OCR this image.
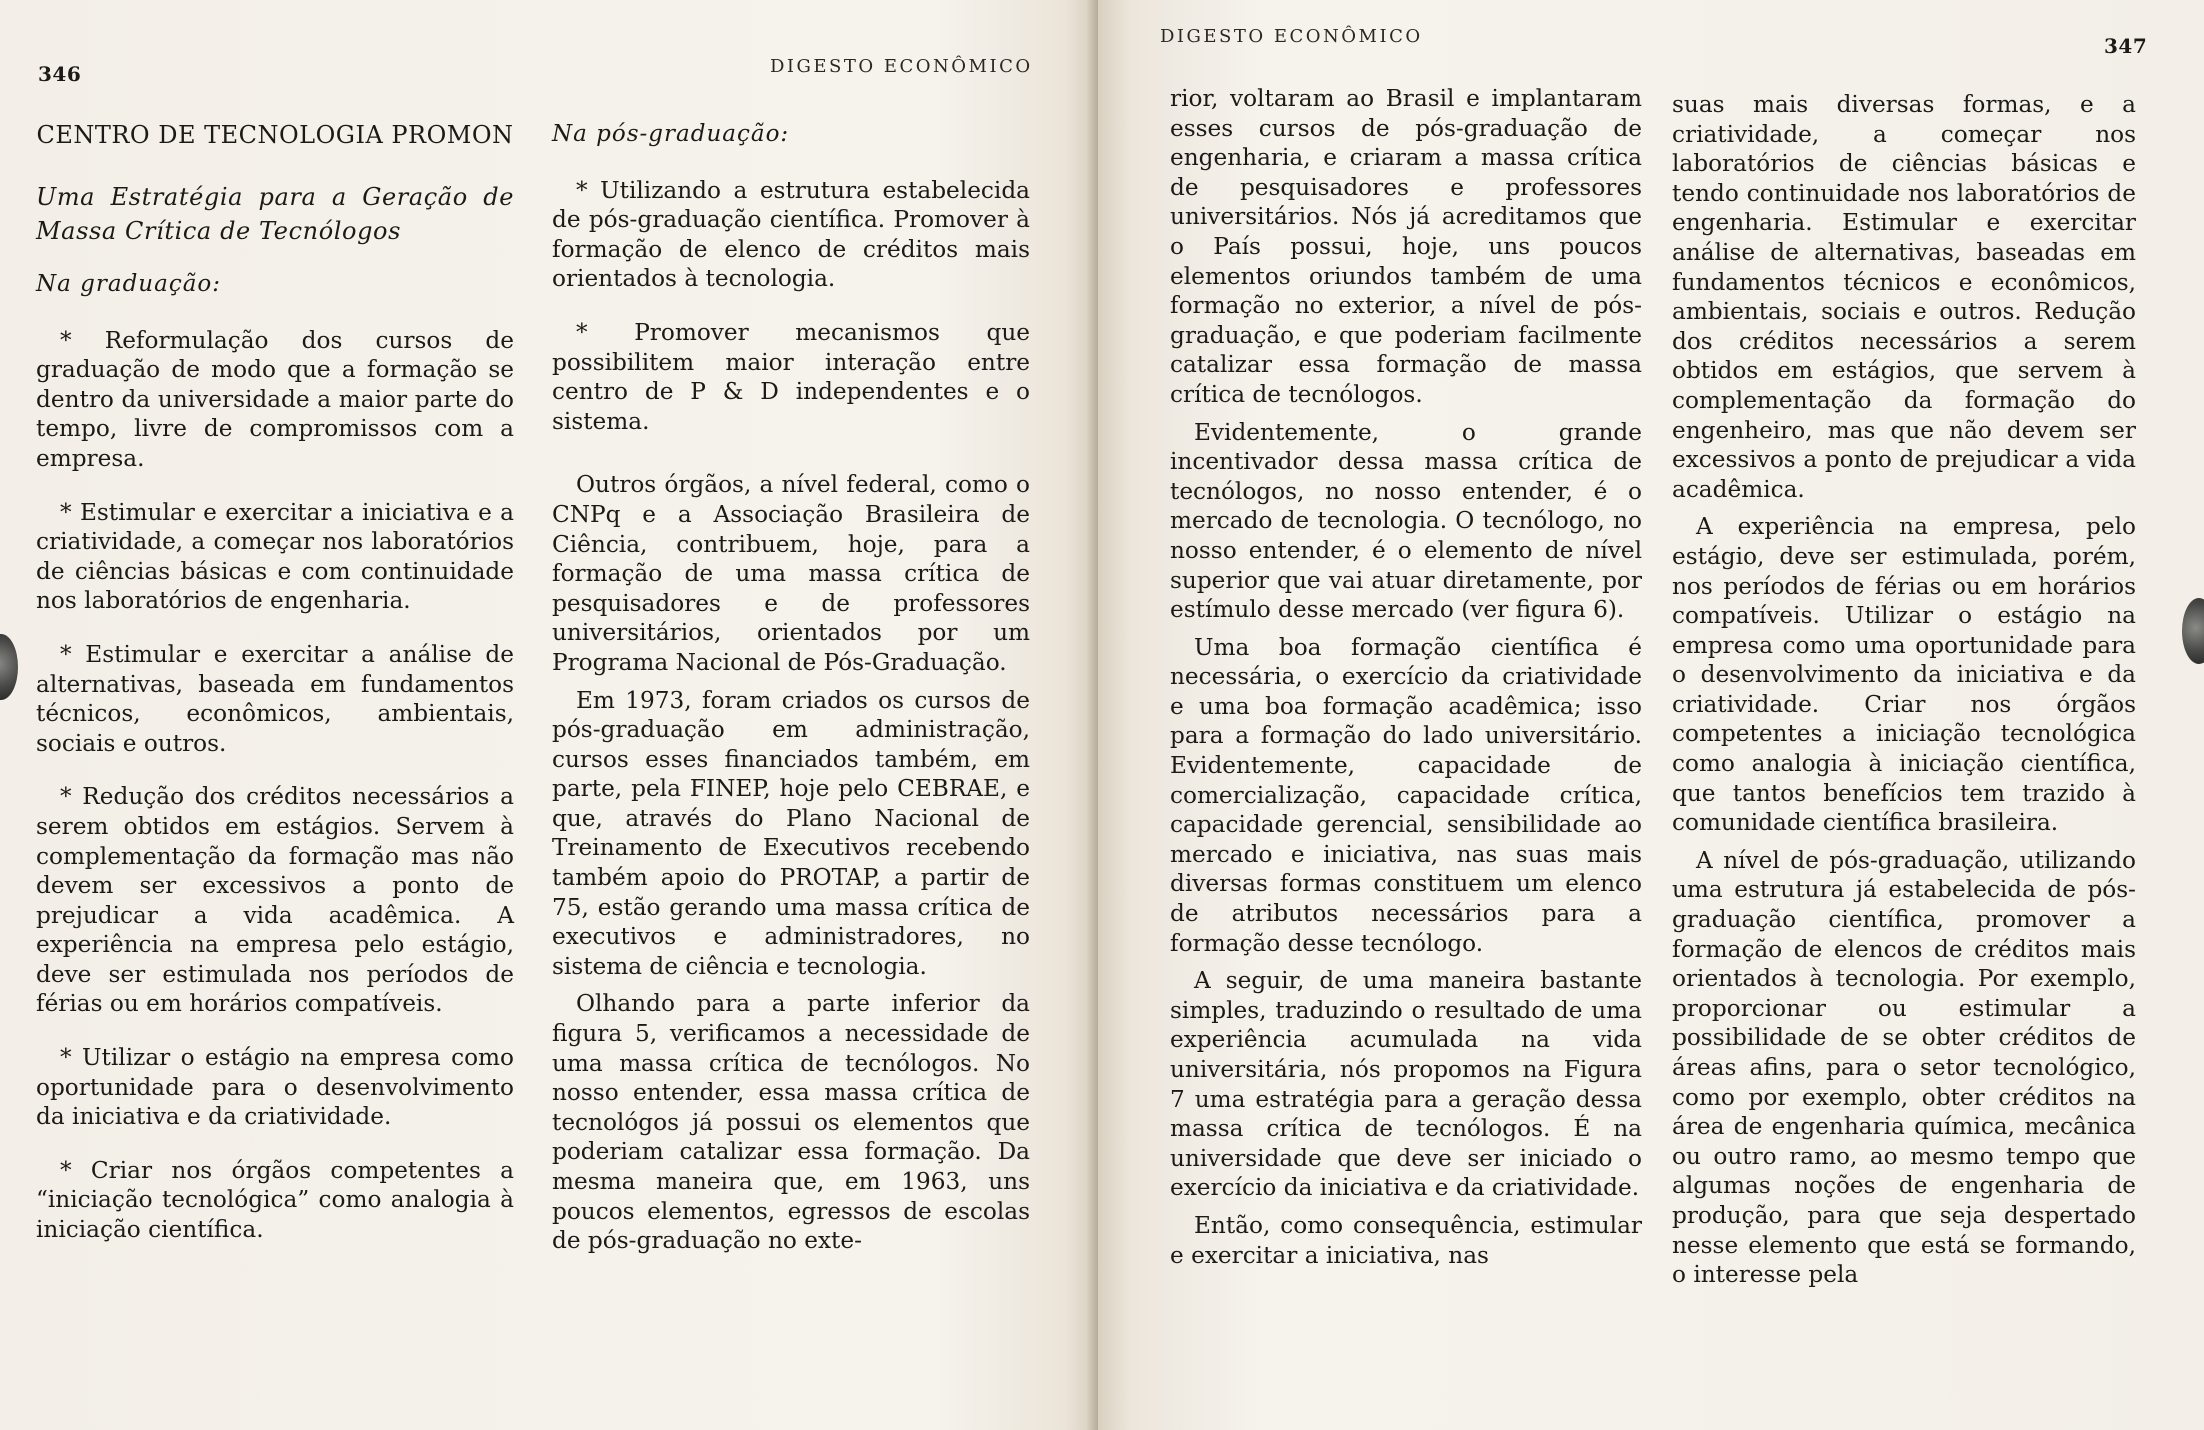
346	DIGESTO ECONÔMICO
CENTRO DE TECNOLOGIA PROMON
Uma Estratégia para a Geração de Massa Crítica de Tecnólogos
Na graduação:

* Reformulação dos cursos de graduação de modo que a formação se dentro da universidade a maior parte do tempo, livre de compromissos com a empresa.

* Estimular e exercitar a iniciativa e a criatividade, a começar nos laboratórios de ciências básicas e com continuidade nos laboratórios de engenharia.

* Estimular e exercitar a análise de alternativas, baseada em fundamentos técnicos, econômicos, ambientais, sociais e outros.

* Redução dos créditos necessários a serem obtidos em estágios. Servem à complementação da formação mas não devem ser excessivos a ponto de prejudicar a vida acadêmica. A experiência na empresa pelo estágio, deve ser estimulada nos períodos de férias ou em horários compatíveis.

* Utilizar o estágio na empresa como oportunidade para o desenvolvimento da iniciativa e da criatividade.

* Criar nos órgãos competentes a “iniciação tecnológica” como analogia à iniciação científica.

Na pós-graduação:

* Utilizando a estrutura estabelecida de pós-graduação científica. Promover à formação de elenco de créditos mais orientados à tecnologia.

* Promover mecanismos que possibilitem maior interação entre centro de P & D independentes e o sistema.

Outros órgãos, a nível federal, como o CNPq e a Associação Brasileira de Ciência, contribuem, hoje, para a formação de uma massa crítica de pesquisadores e de professores universitários, orientados por um Programa Nacional de Pós-Graduação.

Em 1973, foram criados os cursos de pós-graduação em administração, cursos esses financiados também, em parte, pela FINEP, hoje pelo CEBRAE, e que, através do Plano Nacional de Treinamento de Executivos recebendo também apoio do PROTAP, a partir de 75, estão gerando uma massa crítica de executivos e administradores, no sistema de ciência e tecnologia.

Olhando para a parte inferior da figura 5, verificamos a necessidade de uma massa crítica de tecnólogos. No nosso entender, essa massa crítica de tecnológos já possui os elementos que poderiam catalizar essa formação. Da mesma maneira que, em 1963, uns poucos elementos, egressos de escolas de pós-graduação no exte-

DIGESTO ECONÔMICO	347

rior, voltaram ao Brasil e implantaram esses cursos de pós-graduação de engenharia, e criaram a massa crítica de pesquisadores e professores universitários. Nós já acreditamos que o País possui, hoje, uns poucos elementos oriundos também de uma formação no exterior, a nível de pós-graduação, e que poderiam facilmente catalizar essa formação de massa crítica de tecnólogos.

Evidentemente, o grande incentivador dessa massa crítica de tecnólogos, no nosso entender, é o mercado de tecnologia. O tecnólogo, no nosso entender, é o elemento de nível superior que vai atuar diretamente, por estímulo desse mercado (ver figura 6).

Uma boa formação científica é necessária, o exercício da criatividade e uma boa formação acadêmica; isso para a formação do lado universitário. Evidentemente, capacidade de comercialização, capacidade crítica, capacidade gerencial, sensibilidade ao mercado e iniciativa, nas suas mais diversas formas constituem um elenco de atributos necessários para a formação desse tecnólogo.

A seguir, de uma maneira bastante simples, traduzindo o resultado de uma experiência acumulada na vida universitária, nós propomos na Figura 7 uma estratégia para a geração dessa massa crítica de tecnólogos. É na universidade que deve ser iniciado o exercício da iniciativa e da criatividade.

Então, como consequência, estimular e exercitar a iniciativa, nas

suas mais diversas formas, e a criatividade, a começar nos laboratórios de ciências básicas e tendo continuidade nos laboratórios de engenharia. Estimular e exercitar análise de alternativas, baseadas em fundamentos técnicos e econômicos, ambientais, sociais e outros. Redução dos créditos necessários a serem obtidos em estágios, que servem à complementação da formação do engenheiro, mas que não devem ser excessivos a ponto de prejudicar a vida acadêmica.

A experiência na empresa, pelo estágio, deve ser estimulada, porém, nos períodos de férias ou em horários compatíveis. Utilizar o estágio na empresa como uma oportunidade para o desenvolvimento da iniciativa e da criatividade. Criar nos órgãos competentes a iniciação tecnológica como analogia à iniciação científica, que tantos benefícios tem trazido à comunidade científica brasileira.

A nível de pós-graduação, utilizando uma estrutura já estabelecida de pós-graduação científica, promover a formação de elencos de créditos mais orientados à tecnologia. Por exemplo, proporcionar ou estimular a possibilidade de se obter créditos de áreas afins, para o setor tecnológico, como por exemplo, obter créditos na área de engenharia química, mecânica ou outro ramo, ao mesmo tempo que algumas noções de engenharia de produção, para que seja despertado nesse elemento que está se formando, o interesse pela
